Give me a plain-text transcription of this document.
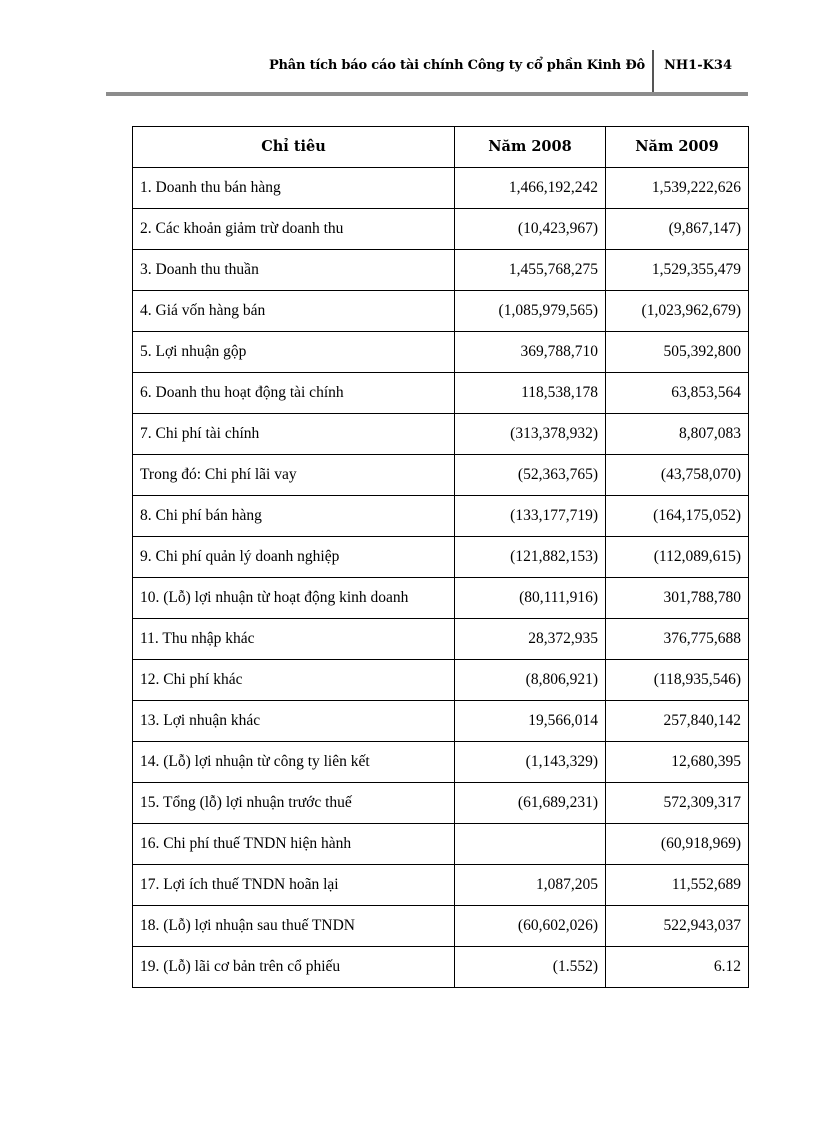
Phân tích báo cáo tài chính Công ty cổ phần Kinh Đô NH1-K34
Chỉ tiêu	Năm 2008	Năm 2009
1. Doanh thu bán hàng	1,466,192,242	1,539,222,626
2. Các khoản giảm trừ doanh thu	(10,423,967)	(9,867,147)
3. Doanh thu thuần	1,455,768,275	1,529,355,479
4. Giá vốn hàng bán	(1,085,979,565)	(1,023,962,679)
5. Lợi nhuận gộp	369,788,710	505,392,800
6. Doanh thu hoạt động tài chính	118,538,178	63,853,564
7. Chi phí tài chính	(313,378,932)	8,807,083
Trong đó: Chi phí lãi vay	(52,363,765)	(43,758,070)
8. Chi phí bán hàng	(133,177,719)	(164,175,052)
9. Chi phí quản lý doanh nghiệp	(121,882,153)	(112,089,615)
10. (Lỗ) lợi nhuận từ hoạt động kinh doanh	(80,111,916)	301,788,780
11. Thu nhập khác	28,372,935	376,775,688
12. Chi phí khác	(8,806,921)	(118,935,546)
13. Lợi nhuận khác	19,566,014	257,840,142
14. (Lỗ) lợi nhuận từ công ty liên kết	(1,143,329)	12,680,395
15. Tổng (lỗ) lợi nhuận trước thuế	(61,689,231)	572,309,317
16. Chi phí thuế TNDN hiện hành		(60,918,969)
17. Lợi ích thuế TNDN hoãn lại	1,087,205	11,552,689
18. (Lỗ) lợi nhuận sau thuế TNDN	(60,602,026)	522,943,037
19. (Lỗ) lãi cơ bản trên cổ phiếu	(1.552)	6.12
